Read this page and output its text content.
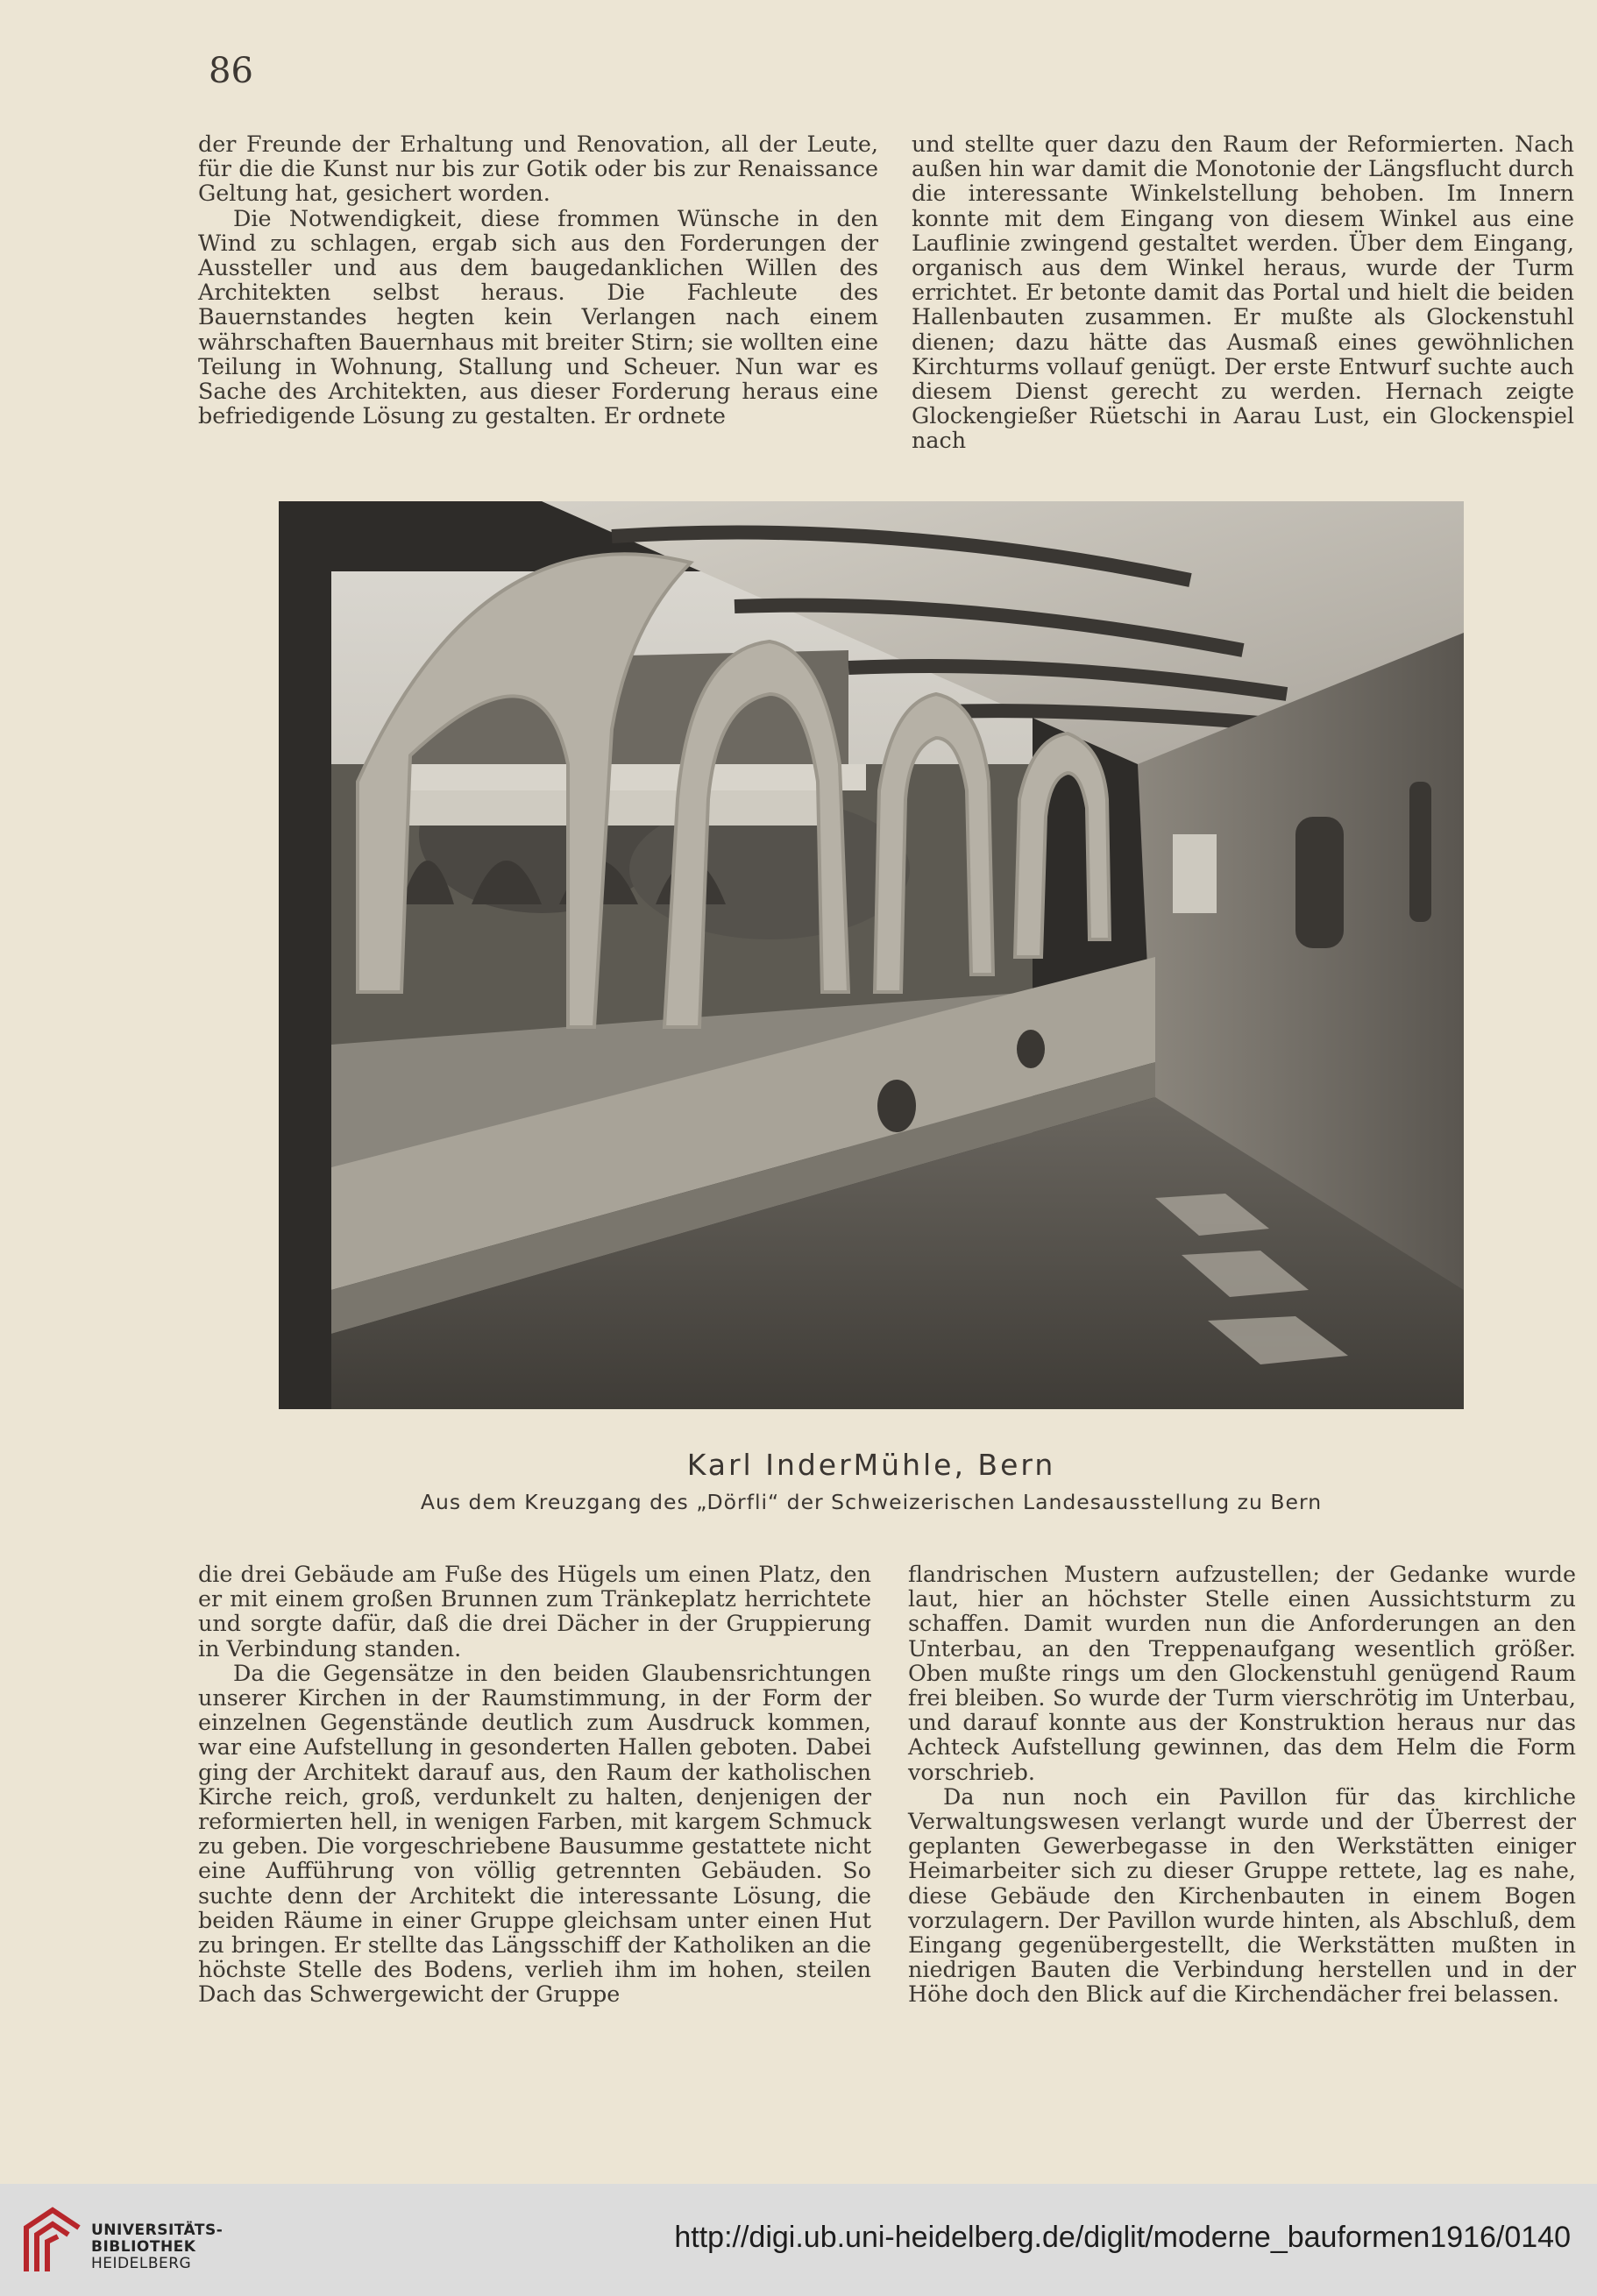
86

der Freunde der Erhaltung und Renovation, all der Leute, für die die Kunst nur bis zur Gotik oder bis zur Renaissance Geltung hat, gesichert worden.

Die Notwendigkeit, diese frommen Wünsche in den Wind zu schlagen, ergab sich aus den Forderungen der Aussteller und aus dem baugedanklichen Willen des Architekten selbst heraus. Die Fachleute des Bauernstandes hegten kein Verlangen nach einem währschaften Bauernhaus mit breiter Stirn; sie wollten eine Teilung in Wohnung, Stallung und Scheuer. Nun war es Sache des Architekten, aus dieser Forderung heraus eine befriedigende Lösung zu gestalten. Er ordnete

und stellte quer dazu den Raum der Reformierten. Nach außen hin war damit die Monotonie der Längsflucht durch die interessante Winkelstellung behoben. Im Innern konnte mit dem Eingang von diesem Winkel aus eine Lauflinie zwingend gestaltet werden. Über dem Eingang, organisch aus dem Winkel heraus, wurde der Turm errichtet. Er betonte damit das Portal und hielt die beiden Hallenbauten zusammen. Er mußte als Glockenstuhl dienen; dazu hätte das Ausmaß eines gewöhnlichen Kirchturms vollauf genügt. Der erste Entwurf suchte auch diesem Dienst gerecht zu werden. Hernach zeigte Glockengießer Rüetschi in Aarau Lust, ein Glockenspiel nach

Karl InderMühle, Bern
Aus dem Kreuzgang des „Dörfli“ der Schweizerischen Landesausstellung zu Bern

die drei Gebäude am Fuße des Hügels um einen Platz, den er mit einem großen Brunnen zum Tränkeplatz herrichtete und sorgte dafür, daß die drei Dächer in der Gruppierung in Verbindung standen.

Da die Gegensätze in den beiden Glaubensrichtungen unserer Kirchen in der Raumstimmung, in der Form der einzelnen Gegenstände deutlich zum Ausdruck kommen, war eine Aufstellung in gesonderten Hallen geboten. Dabei ging der Architekt darauf aus, den Raum der katholischen Kirche reich, groß, verdunkelt zu halten, denjenigen der reformierten hell, in wenigen Farben, mit kargem Schmuck zu geben. Die vorgeschriebene Bausumme gestattete nicht eine Aufführung von völlig getrennten Gebäuden. So suchte denn der Architekt die interessante Lösung, die beiden Räume in einer Gruppe gleichsam unter einen Hut zu bringen. Er stellte das Längsschiff der Katholiken an die höchste Stelle des Bodens, verlieh ihm im hohen, steilen Dach das Schwergewicht der Gruppe

flandrischen Mustern aufzustellen; der Gedanke wurde laut, hier an höchster Stelle einen Aussichtsturm zu schaffen. Damit wurden nun die Anforderungen an den Unterbau, an den Treppenaufgang wesentlich größer. Oben mußte rings um den Glockenstuhl genügend Raum frei bleiben. So wurde der Turm vierschrötig im Unterbau, und darauf konnte aus der Konstruktion heraus nur das Achteck Aufstellung gewinnen, das dem Helm die Form vorschrieb.

Da nun noch ein Pavillon für das kirchliche Verwaltungswesen verlangt wurde und der Überrest der geplanten Gewerbegasse in den Werkstätten einiger Heimarbeiter sich zu dieser Gruppe rettete, lag es nahe, diese Gebäude den Kirchenbauten in einem Bogen vorzulagern. Der Pavillon wurde hinten, als Abschluß, dem Eingang gegenübergestellt, die Werkstätten mußten in niedrigen Bauten die Verbindung herstellen und in der Höhe doch den Blick auf die Kirchendächer frei belassen.

UNIVERSITÄTS-
BIBLIOTHEK
HEIDELBERG
http://digi.ub.uni-heidelberg.de/diglit/moderne_bauformen1916/0140
